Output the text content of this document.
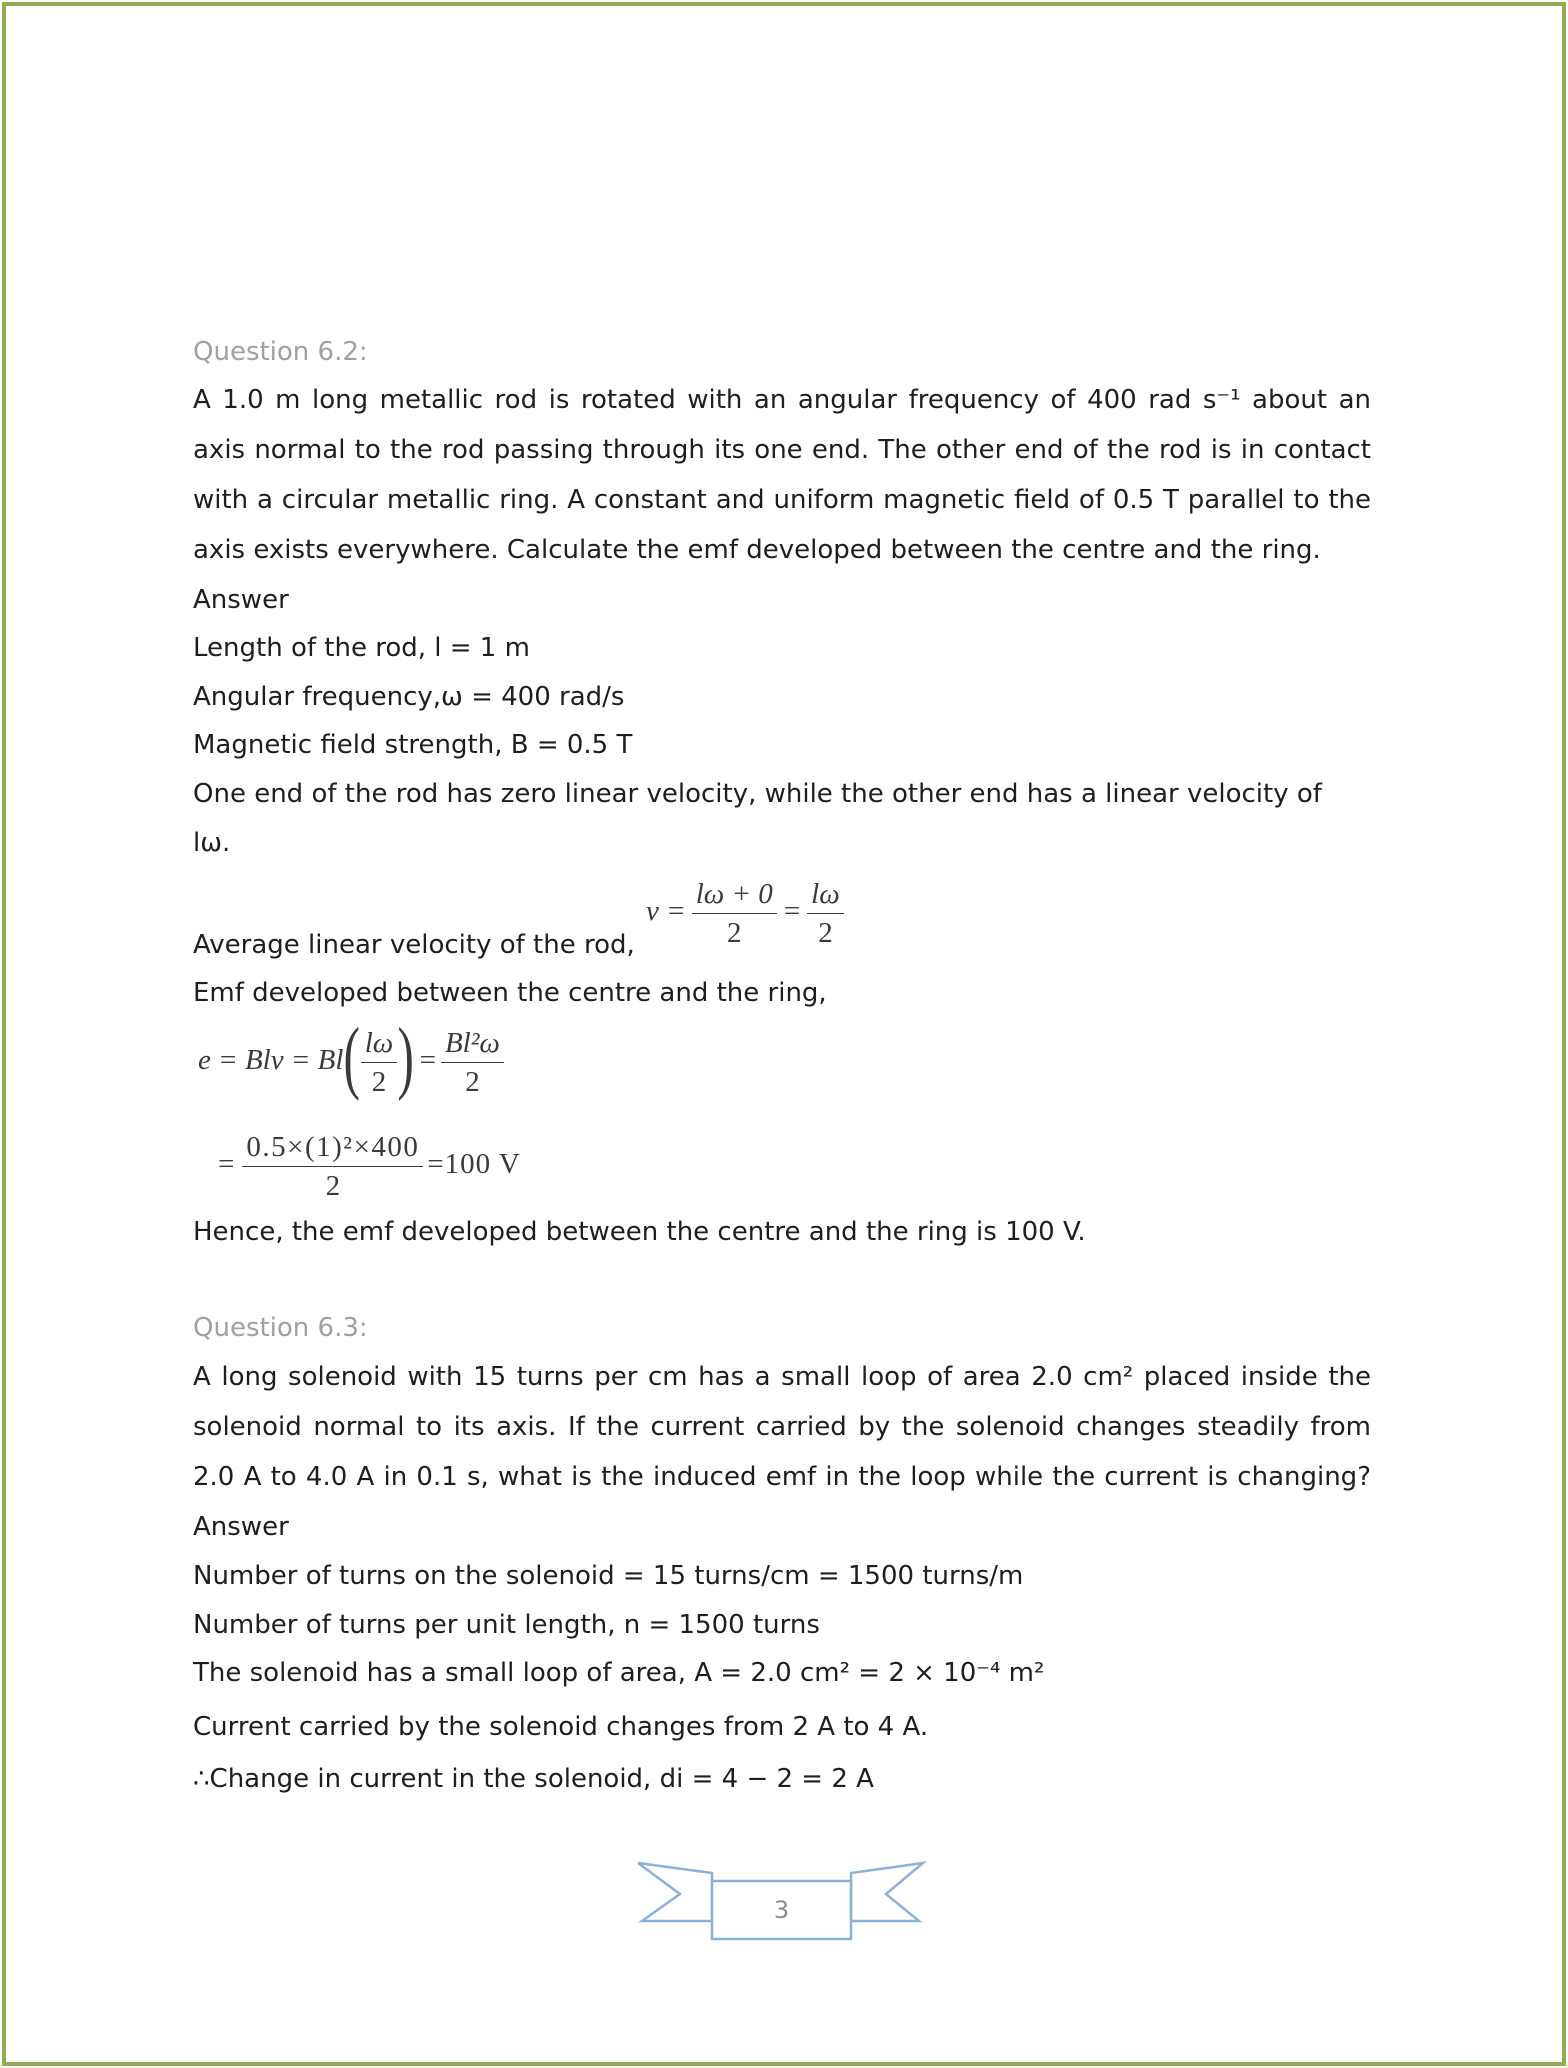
Question 6.2:
A 1.0 m long metallic rod is rotated with an angular frequency of 400 rad s⁻¹ about an
axis normal to the rod passing through its one end. The other end of the rod is in contact
with a circular metallic ring. A constant and uniform magnetic field of 0.5 T parallel to the
axis exists everywhere. Calculate the emf developed between the centre and the ring.
Answer
Length of the rod, l = 1 m
Angular frequency,ω = 400 rad/s
Magnetic field strength, B = 0.5 T
One end of the rod has zero linear velocity, while the other end has a linear velocity of
lω.
Average linear velocity of the rod,
$v = \frac{l\omega + 0}{2} = \frac{l\omega}{2}$
Emf developed between the centre and the ring,
e = Blv = Bl ( $\frac{l\omega}{2}$ ) = $\frac{\text{Bl²ω}}{2}$
= $\frac{\text{0.5×(1)²×400}}{2} =100$ V
Hence, the emf developed between the centre and the ring is 100 V.
Question 6.3:
A long solenoid with 15 turns per cm has a small loop of area 2.0 cm² placed inside the
solenoid normal to its axis. If the current carried by the solenoid changes steadily from
2.0 A to 4.0 A in 0.1 s, what is the induced emf in the loop while the current is changing?
Answer
Number of turns on the solenoid = 15 turns/cm = 1500 turns/m
Number of turns per unit length, n = 1500 turns
The solenoid has a small loop of area, A = 2.0 cm² = 2 × 10⁻⁴ m²
Current carried by the solenoid changes from 2 A to 4 A.
∴Change in current in the solenoid, di = 4 − 2 = 2 A
3
